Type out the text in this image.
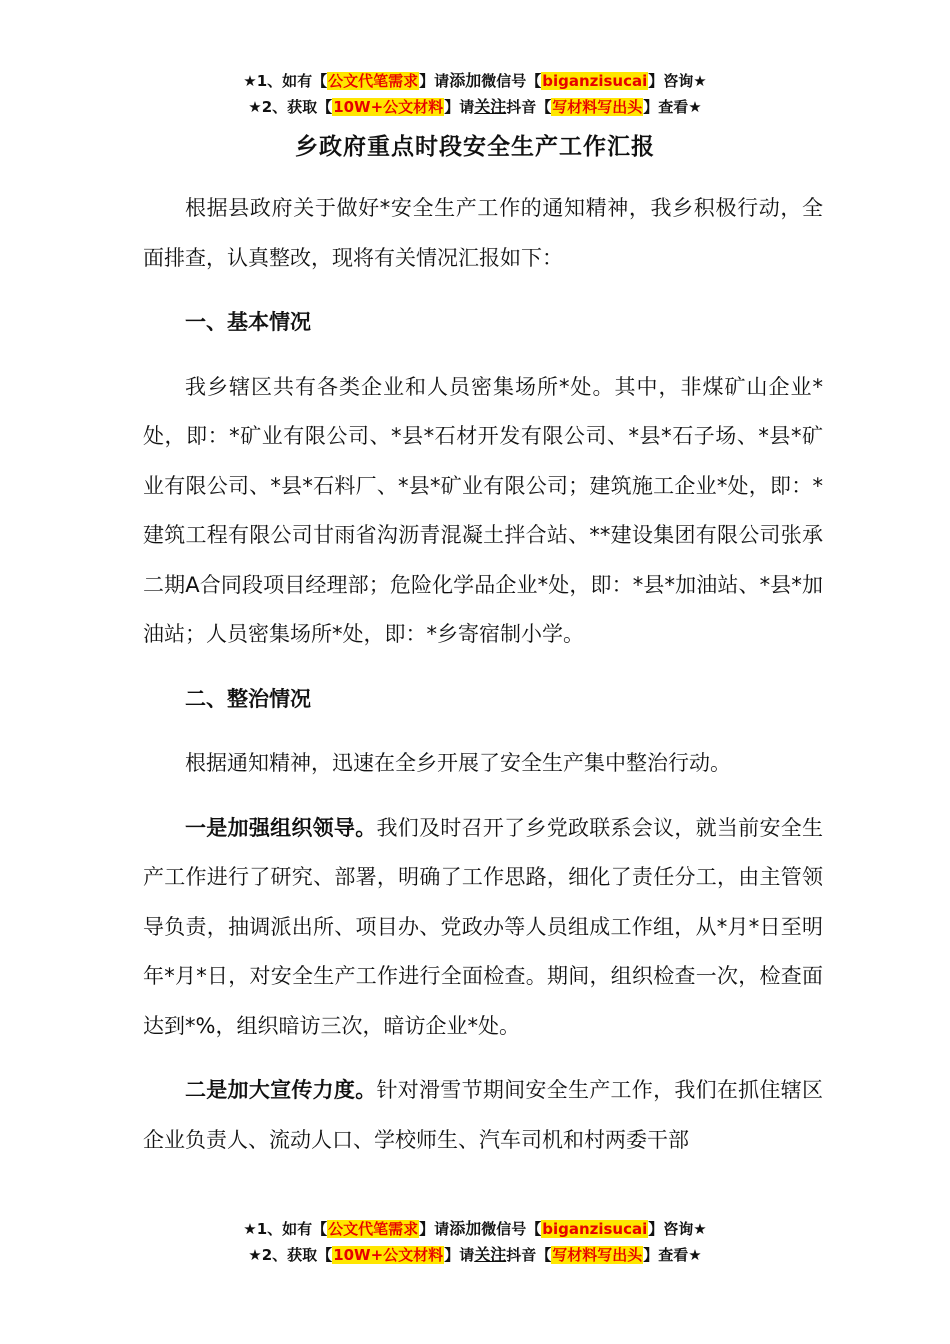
★1、如有【公文代笔需求】请添加微信号【biganzisucai】咨询★
★2、获取【10W+公文材料】请关注抖音【写材料写出头】查看★
乡政府重点时段安全生产工作汇报

根据县政府关于做好*安全生产工作的通知精神，我乡积极行动，全面排查，认真整改，现将有关情况汇报如下：

一、基本情况

我乡辖区共有各类企业和人员密集场所*处。其中，非煤矿山企业*处，即：*矿业有限公司、*县*石材开发有限公司、*县*石子场、*县*矿业有限公司、*县*石料厂、*县*矿业有限公司；建筑施工企业*处，即：*建筑工程有限公司甘雨省沟沥青混凝土拌合站、**建设集团有限公司张承二期A合同段项目经理部；危险化学品企业*处，即：*县*加油站、*县*加油站；人员密集场所*处，即：*乡寄宿制小学。

二、整治情况

根据通知精神，迅速在全乡开展了安全生产集中整治行动。

一是加强组织领导。我们及时召开了乡党政联系会议，就当前安全生产工作进行了研究、部署，明确了工作思路，细化了责任分工，由主管领导负责，抽调派出所、项目办、党政办等人员组成工作组，从*月*日至明年*月*日，对安全生产工作进行全面检查。期间，组织检查一次，检查面达到*%，组织暗访三次，暗访企业*处。

二是加大宣传力度。针对滑雪节期间安全生产工作，我们在抓住辖区企业负责人、流动人口、学校师生、汽车司机和村两委干部

★1、如有【公文代笔需求】请添加微信号【biganzisucai】咨询★
★2、获取【10W+公文材料】请关注抖音【写材料写出头】查看★
